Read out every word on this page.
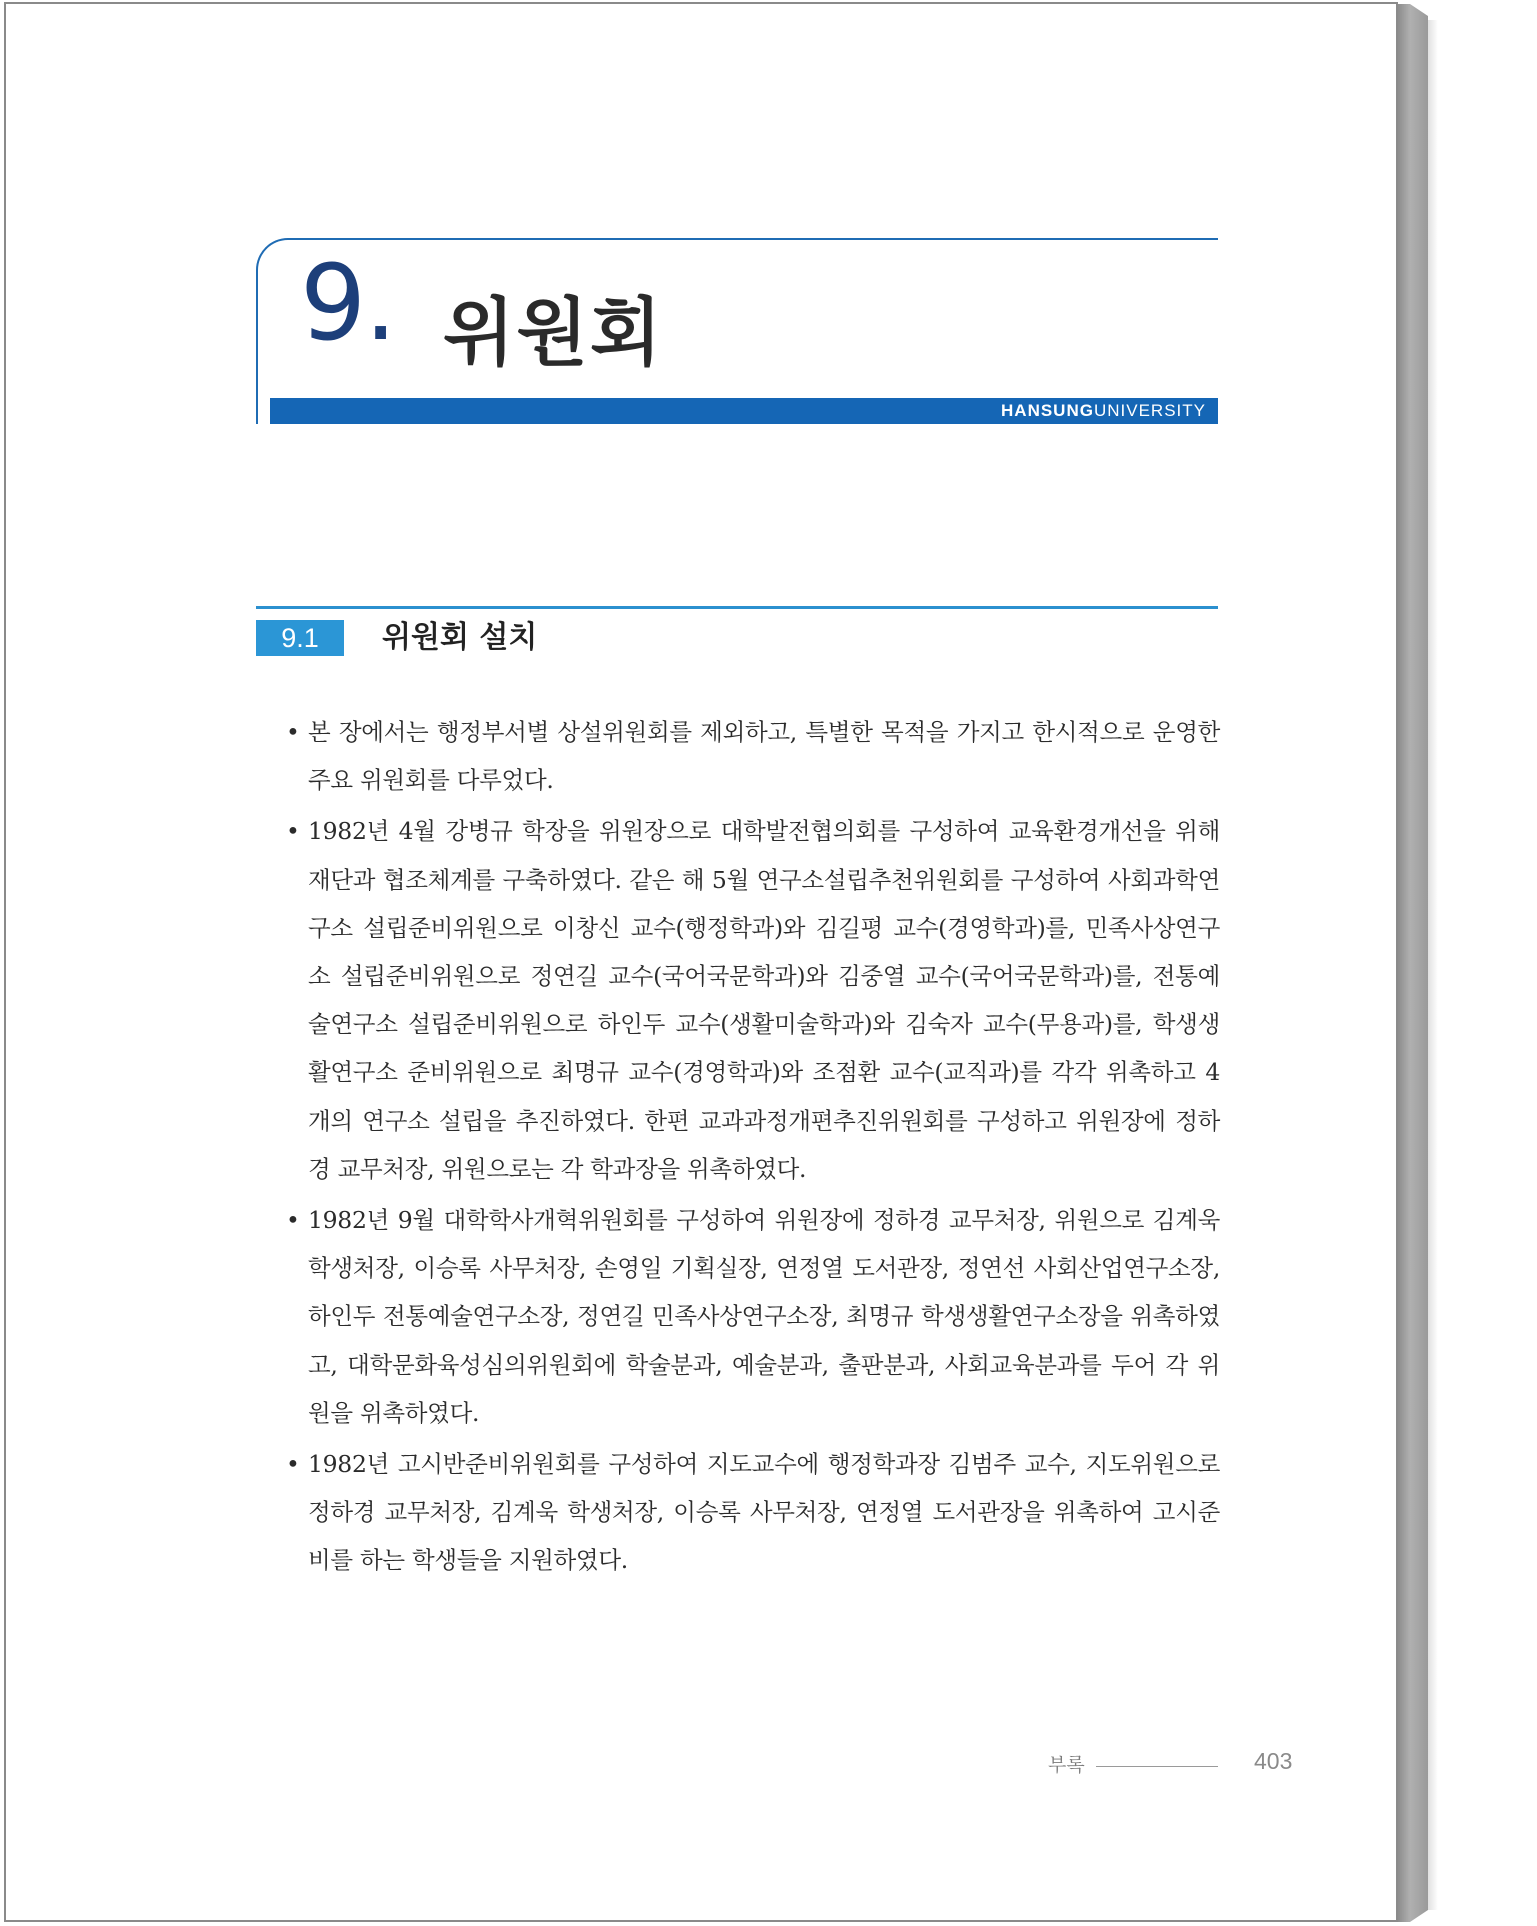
9. 위원회
HANSUNGUNIVERSITY
9.1	위원회 설치
• 본 장에서는 행정부서별 상설위원회를 제외하고, 특별한 목적을 가지고 한시적으로 운영한 주요 위원회를 다루었다.
• 1982년 4월 강병규 학장을 위원장으로 대학발전협의회를 구성하여 교육환경개선을 위해 재단과 협조체계를 구축하였다. 같은 해 5월 연구소설립추천위원회를 구성하여 사회과학연구소 설립준비위원으로 이창신 교수(행정학과)와 김길평 교수(경영학과)를, 민족사상연구소 설립준비위원으로 정연길 교수(국어국문학과)와 김중열 교수(국어국문학과)를, 전통예술연구소 설립준비위원으로 하인두 교수(생활미술학과)와 김숙자 교수(무용과)를, 학생생활연구소 준비위원으로 최명규 교수(경영학과)와 조점환 교수(교직과)를 각각 위촉하고 4개의 연구소 설립을 추진하였다. 한편 교과과정개편추진위원회를 구성하고 위원장에 정하경 교무처장, 위원으로는 각 학과장을 위촉하였다.
• 1982년 9월 대학학사개혁위원회를 구성하여 위원장에 정하경 교무처장, 위원으로 김계욱 학생처장, 이승록 사무처장, 손영일 기획실장, 연정열 도서관장, 정연선 사회산업연구소장, 하인두 전통예술연구소장, 정연길 민족사상연구소장, 최명규 학생생활연구소장을 위촉하였고, 대학문화육성심의위원회에 학술분과, 예술분과, 출판분과, 사회교육분과를 두어 각 위원을 위촉하였다.
• 1982년 고시반준비위원회를 구성하여 지도교수에 행정학과장 김범주 교수, 지도위원으로 정하경 교무처장, 김계욱 학생처장, 이승록 사무처장, 연정열 도서관장을 위촉하여 고시준비를 하는 학생들을 지원하였다.
부록	403
